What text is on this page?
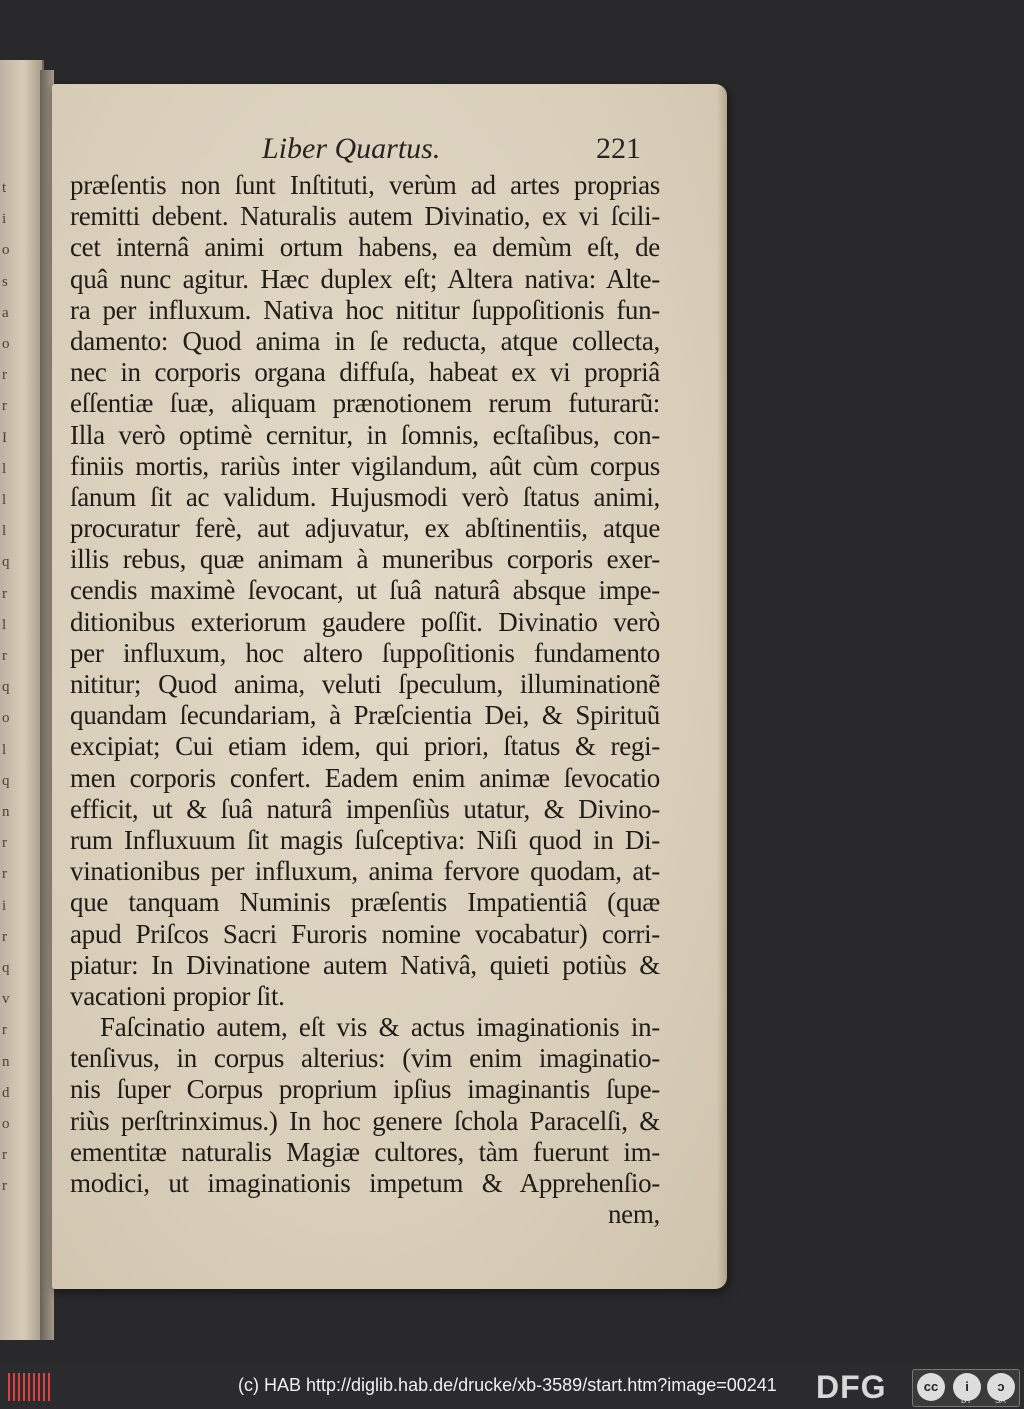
t
i
o
s
a
o
r
r
I
l
l
l
q
r
l
r
q
o
l
q
n
r
r
i
r
q
v
r
n
d
o
r
r
Liber Quartus.	221
præſentis non ſunt Inſtituti, verùm ad artes proprias
remitti debent. Naturalis autem Divinatio, ex vi ſcili-
cet internâ animi ortum habens, ea demùm eſt, de
quâ nunc agitur. Hæc duplex eſt; Altera nativa: Alte-
ra per influxum. Nativa hoc nititur ſuppoſitionis fun-
damento: Quod anima in ſe reducta, atque collecta,
nec in corporis organa diffuſa, habeat ex vi propriâ
eſſentiæ ſuæ, aliquam prænotionem rerum futurarũ:
Illa verò optimè cernitur, in ſomnis, ecſtaſibus, con-
finiis mortis, rariùs inter vigilandum, aût cùm corpus
ſanum ſit ac validum. Hujusmodi verò ſtatus animi,
procuratur ferè, aut adjuvatur, ex abſtinentiis, atque
illis rebus, quæ animam à muneribus corporis exer-
cendis maximè ſevocant, ut ſuâ naturâ absque impe-
ditionibus exteriorum gaudere poſſit. Divinatio verò
per influxum, hoc altero ſuppoſitionis fundamento
nititur; Quod anima, veluti ſpeculum, illuminationẽ
quandam ſecundariam, à Præſcientia Dei, & Spirituũ
excipiat; Cui etiam idem, qui priori, ſtatus & regi-
men corporis confert. Eadem enim animæ ſevocatio
efficit, ut & ſuâ naturâ impenſiùs utatur, & Divino-
rum Influxuum ſit magis ſuſceptiva: Niſi quod in Di-
vinationibus per influxum, anima fervore quodam, at-
que tanquam Numinis præſentis Impatientiâ (quæ
apud Priſcos Sacri Furoris nomine vocabatur) corri-
piatur: In Divinatione autem Nativâ, quieti potiùs &
vacationi propior ſit.
Faſcinatio autem, eſt vis & actus imaginationis in-
tenſivus, in corpus alterius: (vim enim imaginatio-
nis ſuper Corpus proprium ipſius imaginantis ſupe-
riùs perſtrinximus.) In hoc genere ſchola Paracelſi, &
ementitæ naturalis Magiæ cultores, tàm fuerunt im-
modici, ut imaginationis impetum & Apprehenſio-
nem,
(c) HAB http://diglib.hab.de/drucke/xb-3589/start.htm?image=00241 DFG	cc	i	ↄ
BY	SA
